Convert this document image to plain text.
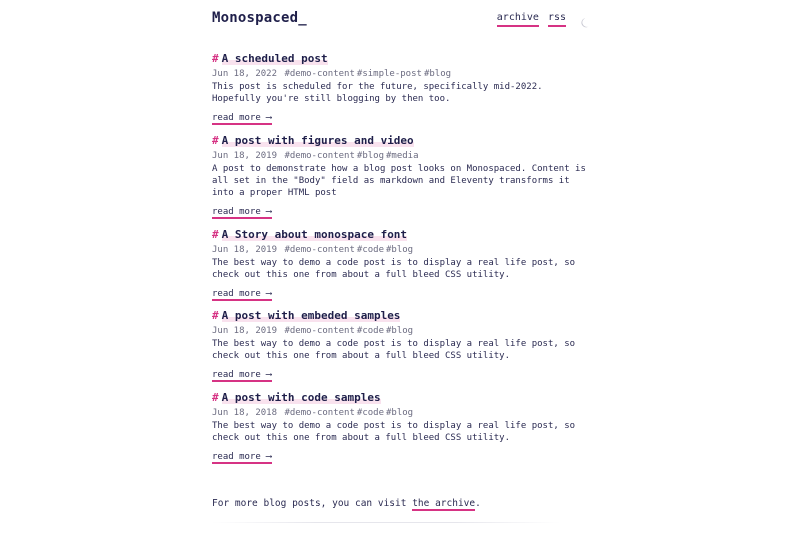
Monospaced_	archive rss
# A scheduled post
Jun 18, 2022 #demo-content #simple-post #blog
This post is scheduled for the future, specifically mid-2022. Hopefully you're still blogging by then too.
read more ⟶
# A post with figures and video
Jun 18, 2019 #demo-content #blog #media
A post to demonstrate how a blog post looks on Monospaced. Content is all set in the "Body" field as markdown and Eleventy transforms it into a proper HTML post
read more ⟶
# A Story about monospace font
Jun 18, 2019 #demo-content #code #blog
The best way to demo a code post is to display a real life post, so check out this one from about a full bleed CSS utility.
read more ⟶
# A post with embeded samples
Jun 18, 2019 #demo-content #code #blog
The best way to demo a code post is to display a real life post, so check out this one from about a full bleed CSS utility.
read more ⟶
# A post with code samples
Jun 18, 2018 #demo-content #code #blog
The best way to demo a code post is to display a real life post, so check out this one from about a full bleed CSS utility.
read more ⟶

For more blog posts, you can visit the archive.
